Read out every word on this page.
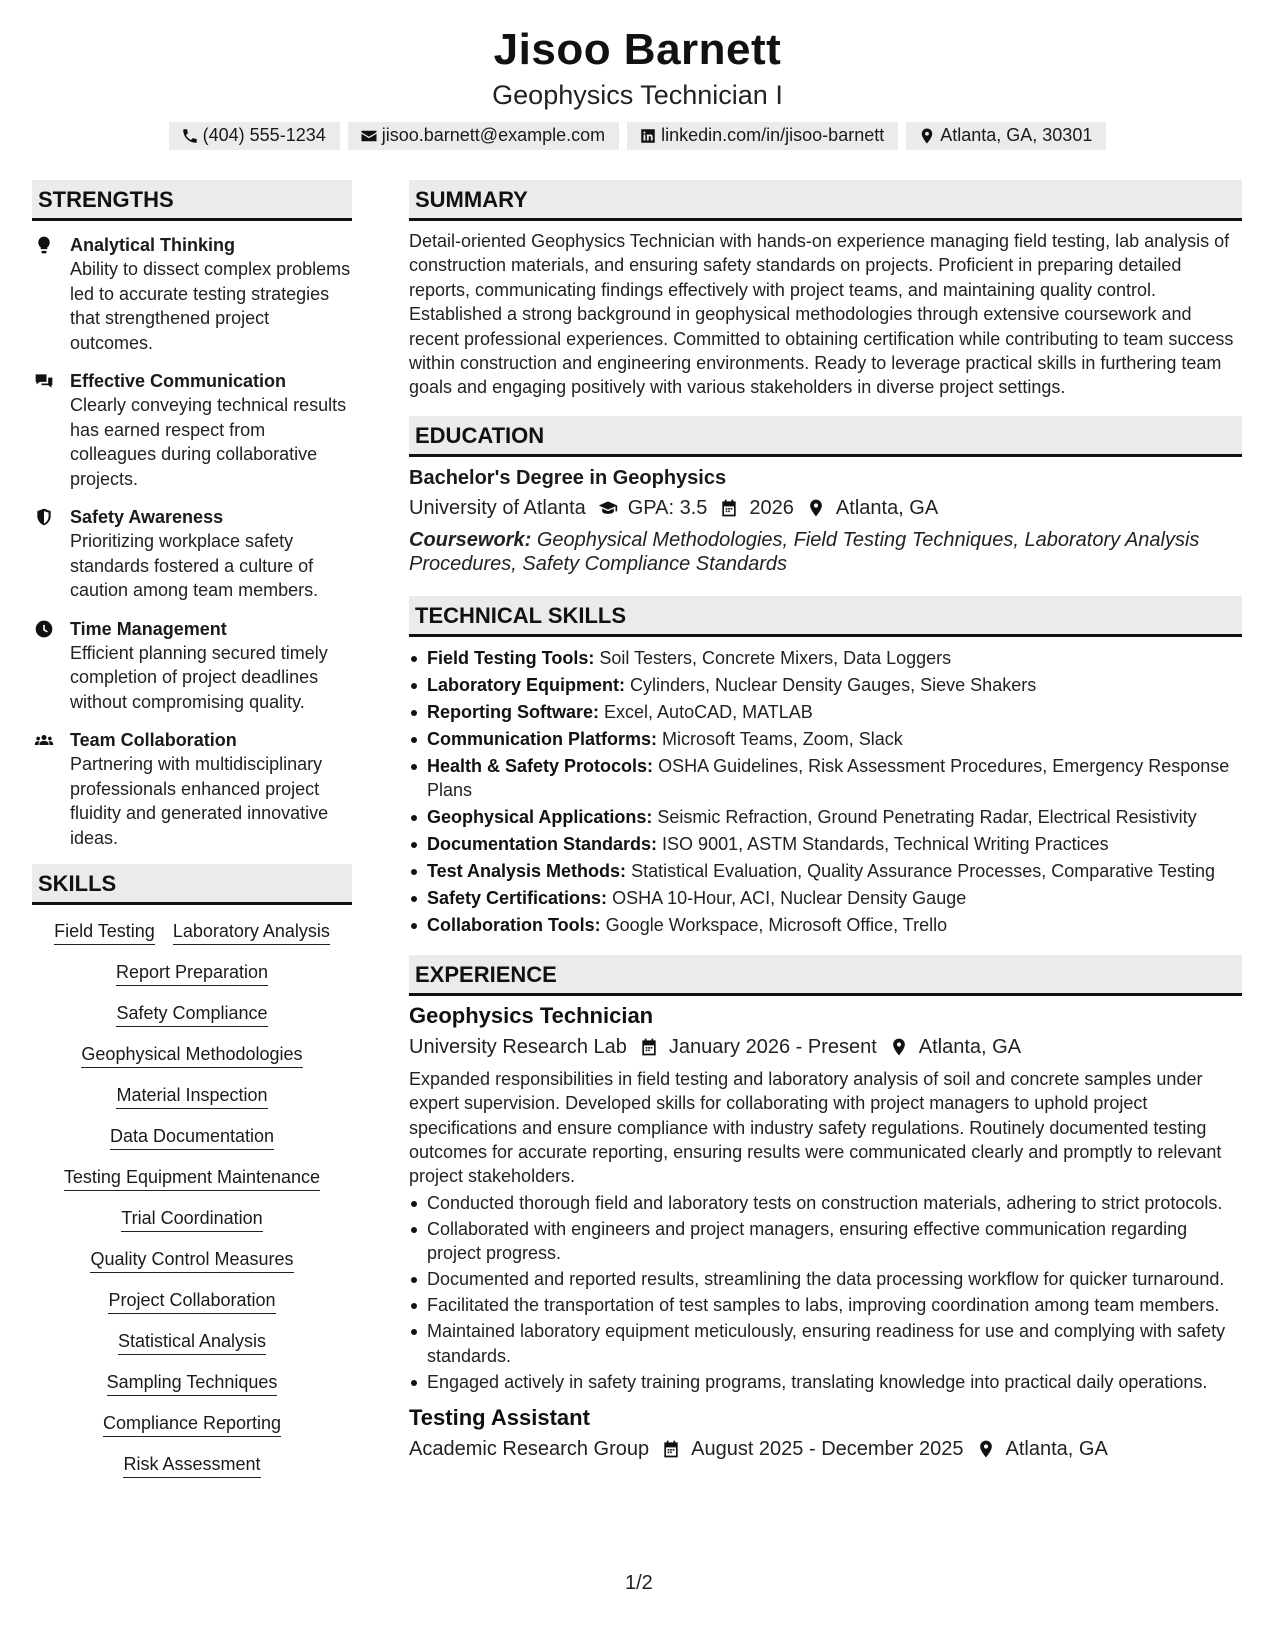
Jisoo Barnett
Geophysics Technician I
(404) 555-1234	jisoo.barnett@example.com	linkedin.com/in/jisoo-barnett	Atlanta, GA, 30301
STRENGTHS
Analytical Thinking
Ability to dissect complex problems led to accurate testing strategies that strengthened project outcomes.
Effective Communication
Clearly conveying technical results has earned respect from colleagues during collaborative projects.
Safety Awareness
Prioritizing workplace safety standards fostered a culture of caution among team members.
Time Management
Efficient planning secured timely completion of project deadlines without compromising quality.
Team Collaboration
Partnering with multidisciplinary professionals enhanced project fluidity and generated innovative ideas.
SKILLS
Field Testing Laboratory Analysis
Report Preparation
Safety Compliance
Geophysical Methodologies
Material Inspection
Data Documentation
Testing Equipment Maintenance
Trial Coordination
Quality Control Measures
Project Collaboration
Statistical Analysis
Sampling Techniques
Compliance Reporting
Risk Assessment
SUMMARY
Detail-oriented Geophysics Technician with hands-on experience managing field testing, lab analysis of construction materials, and ensuring safety standards on projects. Proficient in preparing detailed reports, communicating findings effectively with project teams, and maintaining quality control. Established a strong background in geophysical methodologies through extensive coursework and recent professional experiences. Committed to obtaining certification while contributing to team success within construction and engineering environments. Ready to leverage practical skills in furthering team goals and engaging positively with various stakeholders in diverse project settings.
EDUCATION
Bachelor's Degree in Geophysics
University of Atlanta GPA: 3.5 2026 Atlanta, GA
Coursework: Geophysical Methodologies, Field Testing Techniques, Laboratory Analysis Procedures, Safety Compliance Standards
TECHNICAL SKILLS
Field Testing Tools: Soil Testers, Concrete Mixers, Data Loggers
Laboratory Equipment: Cylinders, Nuclear Density Gauges, Sieve Shakers
Reporting Software: Excel, AutoCAD, MATLAB
Communication Platforms: Microsoft Teams, Zoom, Slack
Health & Safety Protocols: OSHA Guidelines, Risk Assessment Procedures, Emergency Response Plans
Geophysical Applications: Seismic Refraction, Ground Penetrating Radar, Electrical Resistivity
Documentation Standards: ISO 9001, ASTM Standards, Technical Writing Practices
Test Analysis Methods: Statistical Evaluation, Quality Assurance Processes, Comparative Testing
Safety Certifications: OSHA 10-Hour, ACI, Nuclear Density Gauge
Collaboration Tools: Google Workspace, Microsoft Office, Trello
EXPERIENCE
Geophysics Technician
University Research Lab January 2026 - Present Atlanta, GA
Expanded responsibilities in field testing and laboratory analysis of soil and concrete samples under expert supervision. Developed skills for collaborating with project managers to uphold project specifications and ensure compliance with industry safety regulations. Routinely documented testing outcomes for accurate reporting, ensuring results were communicated clearly and promptly to relevant project stakeholders.
Conducted thorough field and laboratory tests on construction materials, adhering to strict protocols.
Collaborated with engineers and project managers, ensuring effective communication regarding project progress.
Documented and reported results, streamlining the data processing workflow for quicker turnaround.
Facilitated the transportation of test samples to labs, improving coordination among team members.
Maintained laboratory equipment meticulously, ensuring readiness for use and complying with safety standards.
Engaged actively in safety training programs, translating knowledge into practical daily operations.
Testing Assistant
Academic Research Group August 2025 - December 2025 Atlanta, GA
1/2
